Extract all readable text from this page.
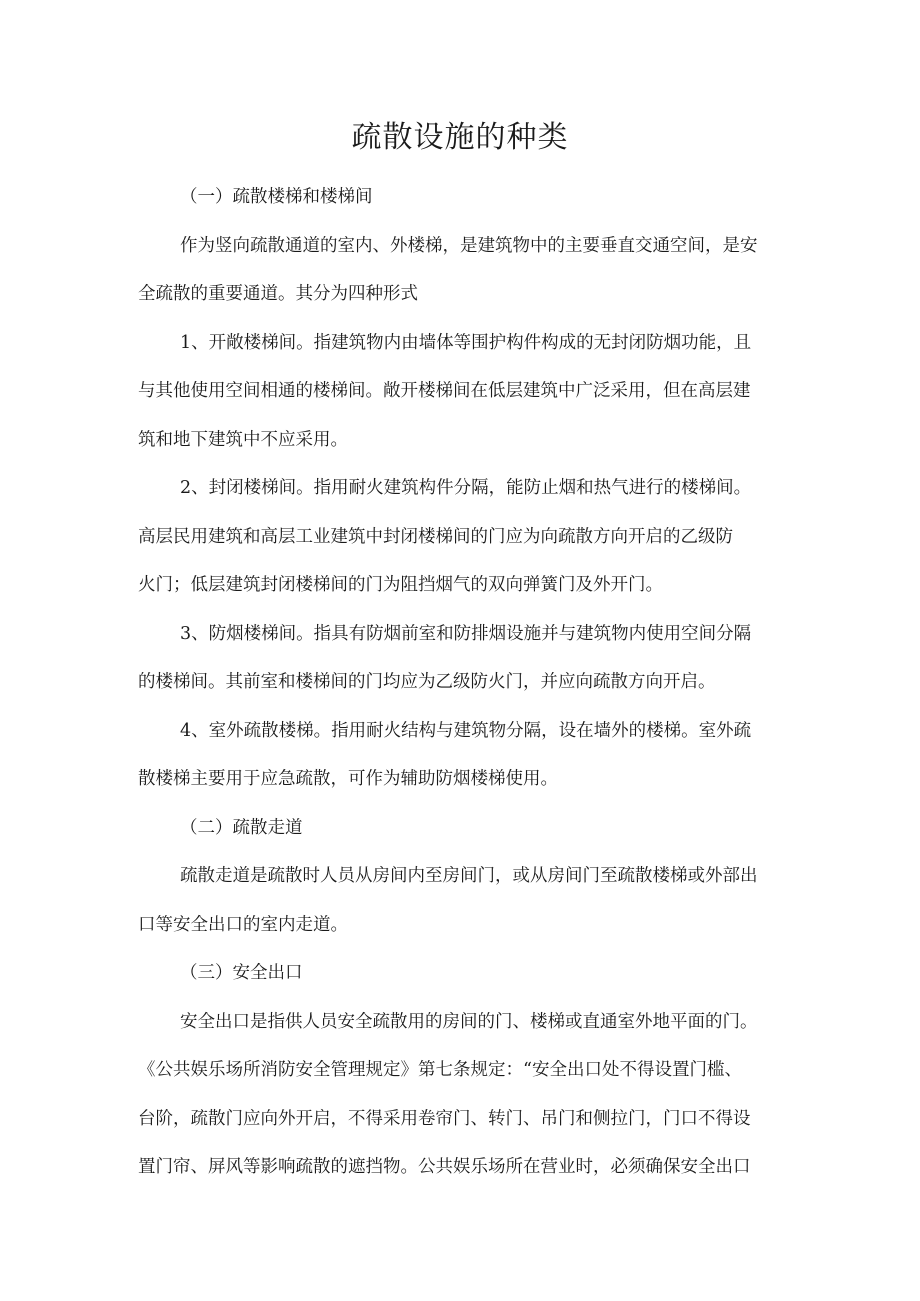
疏散设施的种类

（一）疏散楼梯和楼梯间

作为竖向疏散通道的室内、外楼梯，是建筑物中的主要垂直交通空间，是安
全疏散的重要通道。其分为四种形式

1、开敞楼梯间。指建筑物内由墙体等围护构件构成的无封闭防烟功能，且
与其他使用空间相通的楼梯间。敞开楼梯间在低层建筑中广泛采用，但在高层建
筑和地下建筑中不应采用。

2、封闭楼梯间。指用耐火建筑构件分隔，能防止烟和热气进行的楼梯间。
高层民用建筑和高层工业建筑中封闭楼梯间的门应为向疏散方向开启的乙级防
火门；低层建筑封闭楼梯间的门为阻挡烟气的双向弹簧门及外开门。

3、防烟楼梯间。指具有防烟前室和防排烟设施并与建筑物内使用空间分隔
的楼梯间。其前室和楼梯间的门均应为乙级防火门，并应向疏散方向开启。

4、室外疏散楼梯。指用耐火结构与建筑物分隔，设在墙外的楼梯。室外疏
散楼梯主要用于应急疏散，可作为辅助防烟楼梯使用。

（二）疏散走道

疏散走道是疏散时人员从房间内至房间门，或从房间门至疏散楼梯或外部出
口等安全出口的室内走道。

（三）安全出口

安全出口是指供人员安全疏散用的房间的门、楼梯或直通室外地平面的门。
《公共娱乐场所消防安全管理规定》第七条规定：“安全出口处不得设置门槛、
台阶，疏散门应向外开启，不得采用卷帘门、转门、吊门和侧拉门，门口不得设
置门帘、屏风等影响疏散的遮挡物。公共娱乐场所在营业时，必须确保安全出口
